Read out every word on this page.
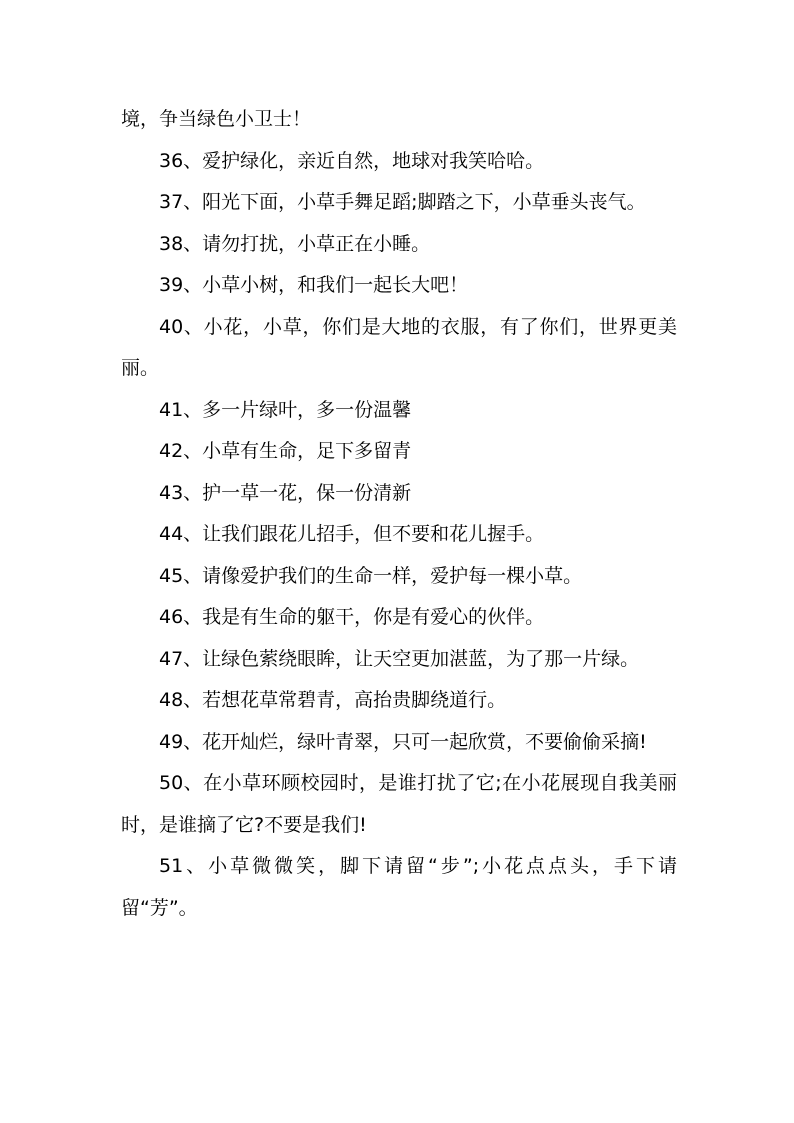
境，争当绿色小卫士！

36、爱护绿化，亲近自然，地球对我笑哈哈。

37、阳光下面，小草手舞足蹈;脚踏之下，小草垂头丧气。

38、请勿打扰，小草正在小睡。

39、小草小树，和我们一起长大吧！

40、小花，小草，你们是大地的衣服，有了你们，世界更美丽。

41、多一片绿叶，多一份温馨

42、小草有生命，足下多留青

43、护一草一花，保一份清新

44、让我们跟花儿招手，但不要和花儿握手。

45、请像爱护我们的生命一样，爱护每一棵小草。

46、我是有生命的躯干，你是有爱心的伙伴。

47、让绿色萦绕眼眸，让天空更加湛蓝，为了那一片绿。

48、若想花草常碧青，高抬贵脚绕道行。

49、花开灿烂，绿叶青翠，只可一起欣赏，不要偷偷采摘!

50、在小草环顾校园时，是谁打扰了它;在小花展现自我美丽时，是谁摘了它?不要是我们!

51、小草微微笑，脚下请留“步”;小花点点头，手下请留“芳”。
